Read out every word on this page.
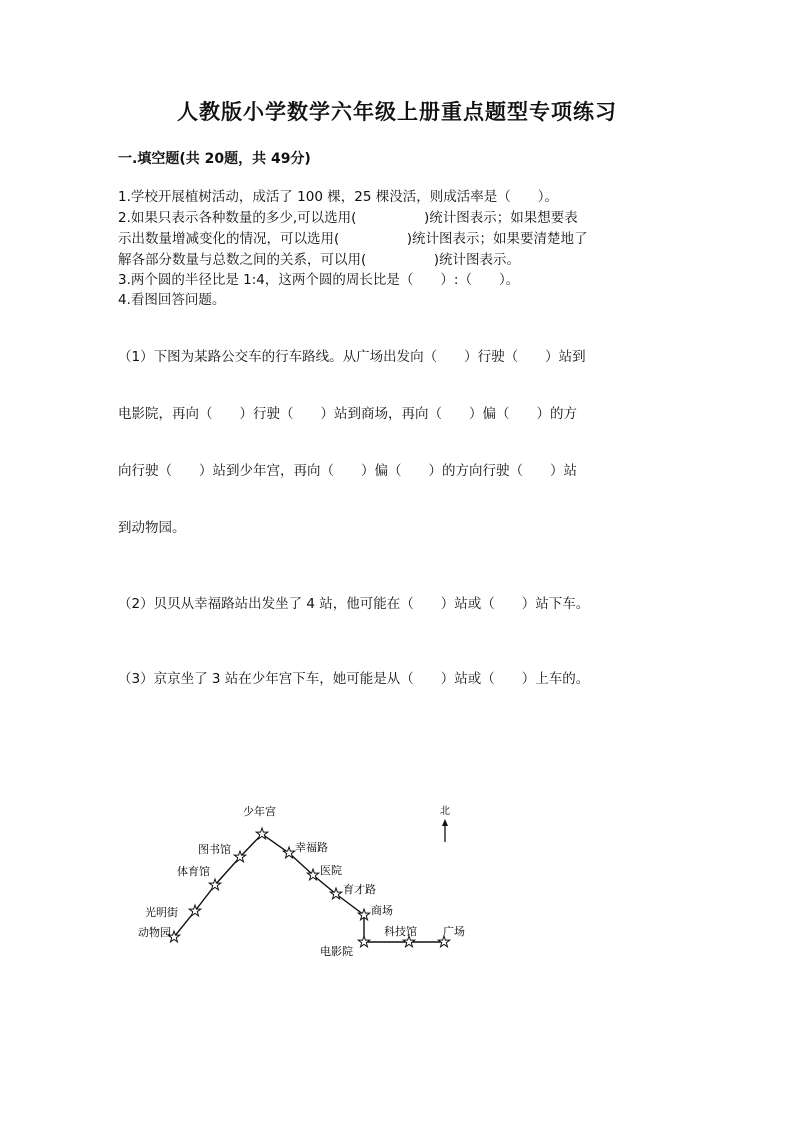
人教版小学数学六年级上册重点题型专项练习
一.填空题(共 20题，共 49分)
1.学校开展植树活动，成活了 100 棵，25 棵没活，则成活率是（　　）。
2.如果只表示各种数量的多少,可以选用(　　　　　)统计图表示；如果想要表
示出数量增减变化的情况，可以选用(　　　　　)统计图表示；如果要清楚地了
解各部分数量与总数之间的关系，可以用(　　　　　)统计图表示。
3.两个圆的半径比是 1:4，这两个圆的周长比是（　　）:（　　）。
4.看图回答问题。
（1）下图为某路公交车的行车路线。从广场出发向（　　）行驶（　　）站到
电影院，再向（　　）行驶（　　）站到商场，再向（　　）偏（　　）的方
向行驶（　　）站到少年宫，再向（　　）偏（　　）的方向行驶（　　）站
到动物园。
（2）贝贝从幸福路站出发坐了 4 站，他可能在（　　）站或（　　）站下车。
（3）京京坐了 3 站在少年宫下车，她可能是从（　　）站或（　　）上车的。
少年宫
图书馆	幸福路
体育馆	医院
育才路
光明街	商场
动物园	科技馆 广场
电影院
北
